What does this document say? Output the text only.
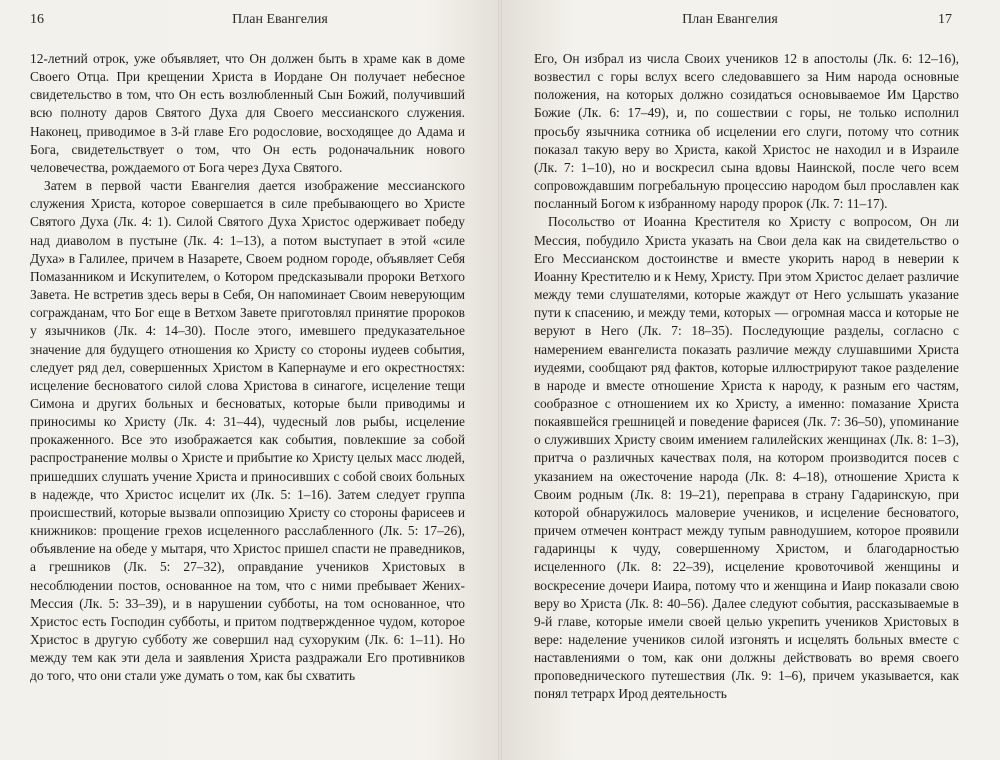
16	План Евангелия

12-летний отрок, уже объявляет, что Он должен быть в храме как в доме Своего Отца. При крещении Христа в Иордане Он получает небесное свидетельство в том, что Он есть возлюбленный Сын Божий, получивший всю полноту даров Святого Духа для Своего мессианского служения. Наконец, приводимое в 3-й главе Его родословие, восходящее до Адама и Бога, свидетельствует о том, что Он есть родоначальник нового человечества, рождаемого от Бога через Духа Святого.

Затем в первой части Евангелия дается изображение мессианского служения Христа, которое совершается в силе пребывающего во Христе Святого Духа (Лк. 4: 1). Силой Святого Духа Христос одерживает победу над диаволом в пустыне (Лк. 4: 1–13), а потом выступает в этой «силе Духа» в Галилее, причем в Назарете, Своем родном городе, объявляет Себя Помазанником и Искупителем, о Котором предсказывали пророки Ветхого Завета. Не встретив здесь веры в Себя, Он напоминает Своим неверующим согражданам, что Бог еще в Ветхом Завете приготовлял принятие пророков у язычников (Лк. 4: 14–30). После этого, имевшего предуказательное значение для будущего отношения ко Христу со стороны иудеев события, следует ряд дел, совершенных Христом в Капернауме и его окрестностях: исцеление бесноватого силой слова Христова в синагоге, исцеление тещи Симона и других больных и бесноватых, которые были приводимы и приносимы ко Христу (Лк. 4: 31–44), чудесный лов рыбы, исцеление прокаженного. Все это изображается как события, повлекшие за собой распространение молвы о Христе и прибытие ко Христу целых масс людей, пришедших слушать учение Христа и приносивших с собой своих больных в надежде, что Христос исцелит их (Лк. 5: 1–16). Затем следует группа происшествий, которые вызвали оппозицию Христу со стороны фарисеев и книжников: прощение грехов исцеленного расслабленного (Лк. 5: 17–26), объявление на обеде у мытаря, что Христос пришел спасти не праведников, а грешников (Лк. 5: 27–32), оправдание учеников Христовых в несоблюдении постов, основанное на том, что с ними пребывает Жених-Мессия (Лк. 5: 33–39), и в нарушении субботы, на том основанное, что Христос есть Господин субботы, и притом подтвержденное чудом, которое Христос в другую субботу же совершил над сухоруким (Лк. 6: 1–11). Но между тем как эти дела и заявления Христа раздражали Его противников до того, что они стали уже думать о том, как бы схватить

План Евангелия	17

Его, Он избрал из числа Своих учеников 12 в апостолы (Лк. 6: 12–16), возвестил с горы вслух всего следовавшего за Ним народа основные положения, на которых должно созидаться основываемое Им Царство Божие (Лк. 6: 17–49), и, по сошествии с горы, не только исполнил просьбу язычника сотника об исцелении его слуги, потому что сотник показал такую веру во Христа, какой Христос не находил и в Израиле (Лк. 7: 1–10), но и воскресил сына вдовы Наинской, после чего всем сопровождавшим погребальную процессию народом был прославлен как посланный Богом к избранному народу пророк (Лк. 7: 11–17).

Посольство от Иоанна Крестителя ко Христу с вопросом, Он ли Мессия, побудило Христа указать на Свои дела как на свидетельство о Его Мессианском достоинстве и вместе укорить народ в неверии к Иоанну Крестителю и к Нему, Христу. При этом Христос делает различие между теми слушателями, которые жаждут от Него услышать указание пути к спасению, и между теми, которых — огромная масса и которые не веруют в Него (Лк. 7: 18–35). Последующие разделы, согласно с намерением евангелиста показать различие между слушавшими Христа иудеями, сообщают ряд фактов, которые иллюстрируют такое разделение в народе и вместе отношение Христа к народу, к разным его частям, сообразное с отношением их ко Христу, а именно: помазание Христа покаявшейся грешницей и поведение фарисея (Лк. 7: 36–50), упоминание о служивших Христу своим имением галилейских женщинах (Лк. 8: 1–3), притча о различных качествах поля, на котором производится посев с указанием на ожесточение народа (Лк. 8: 4–18), отношение Христа к Своим родным (Лк. 8: 19–21), переправа в страну Гадаринскую, при которой обнаружилось маловерие учеников, и исцеление бесноватого, причем отмечен контраст между тупым равнодушием, которое проявили гадаринцы к чуду, совершенному Христом, и благодарностью исцеленного (Лк. 8: 22–39), исцеление кровоточивой женщины и воскресение дочери Иаира, потому что и женщина и Иаир показали свою веру во Христа (Лк. 8: 40–56). Далее следуют события, рассказываемые в 9-й главе, которые имели своей целью укрепить учеников Христовых в вере: наделение учеников силой изгонять и исцелять больных вместе с наставлениями о том, как они должны действовать во время своего проповеднического путешествия (Лк. 9: 1–6), причем указывается, как понял тетрарх Ирод деятельность
